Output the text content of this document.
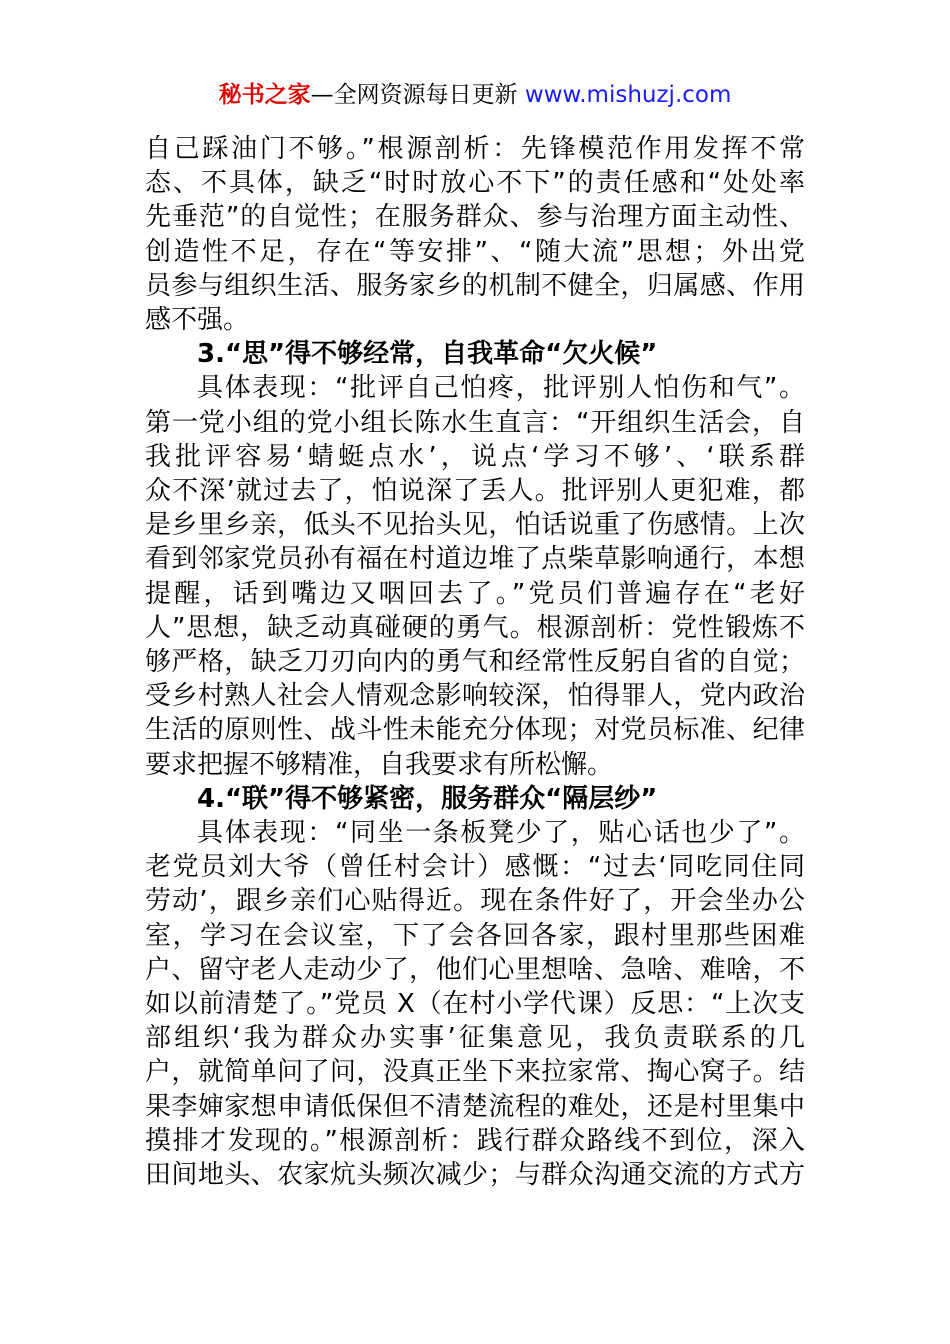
秘书之家—全网资源每日更新 www.mishuzj.com
自己踩油门不够。”根源剖析：先锋模范作用发挥不常
态、不具体，缺乏“时时放心不下”的责任感和“处处率
先垂范”的自觉性；在服务群众、参与治理方面主动性、
创造性不足，存在“等安排”、“随大流”思想；外出党
员参与组织生活、服务家乡的机制不健全，归属感、作用
感不强。
3.“思”得不够经常，自我革命“欠火候”
具体表现：“批评自己怕疼，批评别人怕伤和气”。
第一党小组的党小组长陈水生直言：“开组织生活会，自
我批评容易‘蜻蜓点水’，说点‘学习不够’、‘联系群
众不深’就过去了，怕说深了丢人。批评别人更犯难，都
是乡里乡亲，低头不见抬头见，怕话说重了伤感情。上次
看到邻家党员孙有福在村道边堆了点柴草影响通行，本想
提醒，话到嘴边又咽回去了。”党员们普遍存在“老好
人”思想，缺乏动真碰硬的勇气。根源剖析：党性锻炼不
够严格，缺乏刀刃向内的勇气和经常性反躬自省的自觉；
受乡村熟人社会人情观念影响较深，怕得罪人，党内政治
生活的原则性、战斗性未能充分体现；对党员标准、纪律
要求把握不够精准，自我要求有所松懈。
4.“联”得不够紧密，服务群众“隔层纱”
具体表现：“同坐一条板凳少了，贴心话也少了”。
老党员刘大爷（曾任村会计）感慨：“过去‘同吃同住同
劳动’，跟乡亲们心贴得近。现在条件好了，开会坐办公
室，学习在会议室，下了会各回各家，跟村里那些困难
户、留守老人走动少了，他们心里想啥、急啥、难啥，不
如以前清楚了。”党员 X（在村小学代课）反思：“上次支
部组织‘我为群众办实事’征集意见，我负责联系的几
户，就简单问了问，没真正坐下来拉家常、掏心窝子。结
果李婶家想申请低保但不清楚流程的难处，还是村里集中
摸排才发现的。”根源剖析：践行群众路线不到位，深入
田间地头、农家炕头频次减少；与群众沟通交流的方式方
